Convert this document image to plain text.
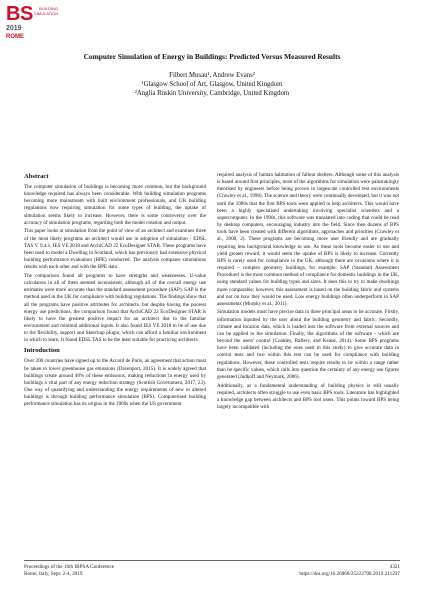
BS	BUILDING SIMULATION
2019
ROME
Computer Simulation of Energy in Buildings: Predicted Versus Measured Results
Filbert Musau¹, Andrew Evans²
¹Glasgow School of Art, Glasgow, United Kingdom
²Anglia Ruskin University, Cambridge, United Kingdom
Abstract

The computer simulation of buildings is becoming more common, but the background knowledge required has always been considerable. With building simulation programs becoming more mainstream with built environment professionals, and UK building regulations now requiring simulation for some types of building, the uptake of simulation seems likely to increase. However, there is some controversy over the accuracy of simulation programs, regarding both the model creation and output.

This paper looks at simulation from the point of view of an architect and examines three of the most likely programs an architect would use in adoption of simulation - EDSL TAS V. 9.4.1, IES VE 2018 and ArchiCAD 22 EcoDesigner STAR. These programs have been used to model a Dwelling in Scotland, which has previously had extensive physical building performance evaluation (BPE) conducted. The analysis compares simulations results with each other and with the BPE data.

The comparison found all programs to have strengths and weaknesses. U-value calculators in all of them seemed inconsistent, although all of the overall energy use estimates were more accurate than the standard assessment procedure (SAP). SAP is the method used in the UK for compliance with building regulations. The findings show that all the programs have positive attributes for architects, but despite having the poorest energy use predictions, the comparison found that ArchiCAD 22 EcoDesigner STAR is likely to have the greatest positive impact for an architect due to the familiar environment and minimal additional inputs. It also found IES VE 2018 to be of use due to the flexibility, support and Sketchup plugin, which can afford a familiar environment in which to learn. It found EDSL TAS to be the least suitable for practicing architects.

Introduction

Over 200 countries have signed up to the Accord de Paris, an agreement that action must be taken to lower greenhouse gas emissions (Davenport, 2015). It is widely agreed that buildings create around 40% of these emissions, making reductions in energy used by buildings a vital part of any energy reduction strategy (Scottish Government, 2017, 23). One way of quantifying and understanding the energy requirements of new or altered buildings is through building performance simulation (BPS). Computerised building performance simulation has its origins in the 1960s when the US government

required analysis of human habitation of fallout shelters. Although some of this analysis is based around first principles, most of the algorithms for simulation were painstakingly theorised by engineers before being proven in largescale controlled test environments (Crawley et al., 1998). The science and theory were continually developed, but it was not until the 1980s that the first BPS tools were applied to help architects. This would have been a highly specialised undertaking involving specialist scientists and a supercomputer. In the 1990s, this software was translated into coding that could be read by desktop computers, encouraging industry into the field. Since then dozens of BPS tools have been created with different algorithms, approaches and priorities (Crawley et al., 2008, 2). These programs are becoming more user friendly and are gradually requiring less background knowledge to use. As these tools become easier to use and yield greater reward, it would seem the uptake of BPS is likely to increase. Currently BPS is rarely used for compliance in the UK, although there are occasions where it is required – complex geometry buildings, for example. SAP (Standard Assessment Procedure) is the most common method of compliance for domestic buildings in the UK, using standard values for building types and sizes. It does this to try to make dwellings more comparable; however, this assessment is based on the building fabric and systems and not on how they would be used. Low energy buildings often underperform in SAP assessments (Murphy et al., 2011).

Simulation models must have precise data in three principal areas to be accurate. Firstly, information inputted by the user about the building geometry and fabric. Secondly, climate and location data, which is loaded into the software from external sources and can be applied to the simulation. Finally, the algorithms of the software - which are beyond the users' control (Coakley, Raftery, and Keane, 2014). Some BPS programs have been validated (including the ones used in this study) to give accurate data in control tests and two within this test can be used for compliance with building regulations. However, these controlled tests require results to be within a range rather than be specific values, which calls into question the certainty of any energy use figures generated (Judkoff and Neymark, 2006).

Additionally, as a fundamental understanding of building physics is still usually required, architects often struggle to use even basic BPS tools. Literature has highlighted a knowledge gap between architects and BPS tool users. This points toward BPS being largely incompatible with

Proceedings of the 16th IBPSA Conference
Rome, Italy, Sept. 2-4, 2019
4321
https://doi.org/10.26868/25222708.2019.211237
